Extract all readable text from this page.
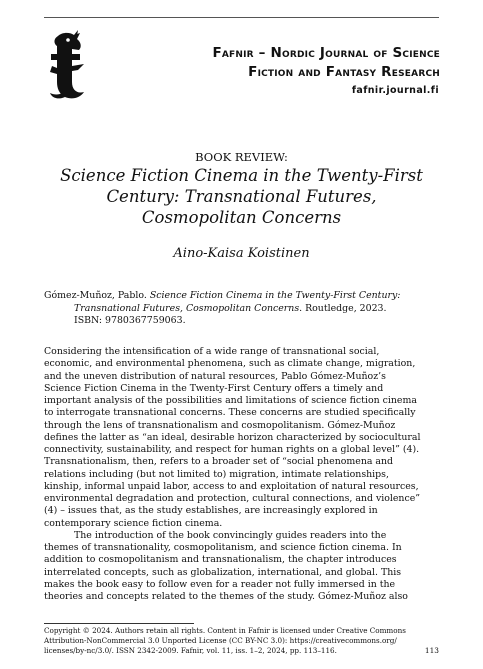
Fafnir – Nordic Journal of Science
Fiction and Fantasy Research
fafnir.journal.fi
BOOK REVIEW:
Science Fiction Cinema in the Twenty-First
Century: Transnational Futures,
Cosmopolitan Concerns
Aino-Kaisa Koistinen
Gómez-Muñoz, Pablo. Science Fiction Cinema in the Twenty-First Century:
Transnational Futures, Cosmopolitan Concerns. Routledge, 2023.
ISBN: 9780367759063.
Considering the intensification of a wide range of transnational social,
economic, and environmental phenomena, such as climate change, migration,
and the uneven distribution of natural resources, Pablo Gómez-Muñoz’s
Science Fiction Cinema in the Twenty-First Century offers a timely and
important analysis of the possibilities and limitations of science fiction cinema
to interrogate transnational concerns. These concerns are studied specifically
through the lens of transnationalism and cosmopolitanism. Gómez-Muñoz
defines the latter as “an ideal, desirable horizon characterized by sociocultural
connectivity, sustainability, and respect for human rights on a global level” (4).
Transnationalism, then, refers to a broader set of “social phenomena and
relations including (but not limited to) migration, intimate relationships,
kinship, informal unpaid labor, access to and exploitation of natural resources,
environmental degradation and protection, cultural connections, and violence”
(4) – issues that, as the study establishes, are increasingly explored in
contemporary science fiction cinema.
The introduction of the book convincingly guides readers into the
themes of transnationality, cosmopolitanism, and science fiction cinema. In
addition to cosmopolitanism and transnationalism, the chapter introduces
interrelated concepts, such as globalization, international, and global. This
makes the book easy to follow even for a reader not fully immersed in the
theories and concepts related to the themes of the study. Gómez-Muñoz also
Copyright © 2024. Authors retain all rights. Content in Fafnir is licensed under Creative Commons
Attribution-NonCommercial 3.0 Unported License (CC BY-NC 3.0): https://creativecommons.org/
licenses/by-nc/3.0/. ISSN 2342-2009. Fafnir, vol. 11, iss. 1–2, 2024, pp. 113–116.	113
